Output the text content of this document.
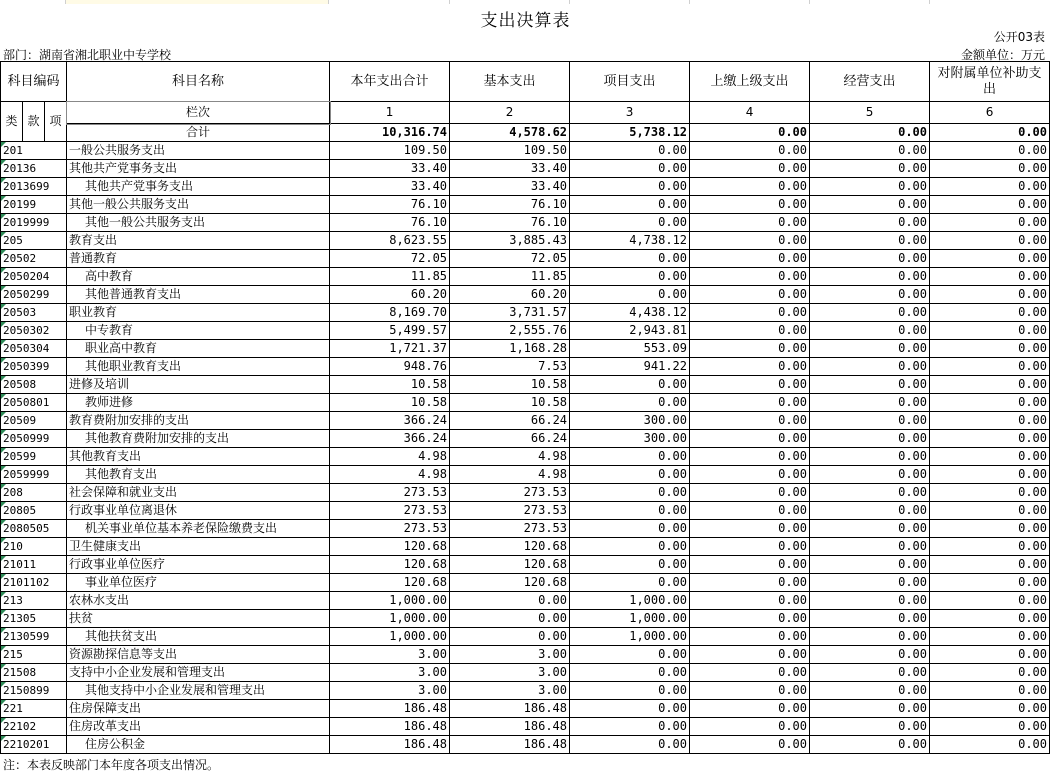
支出决算表
公开03表
部门：湖南省湘北职业中专学校	金额单位：万元
科目编码			科目名称	本年支出合计	基本支出	项目支出	上缴上级支出	经营支出	对附属单位补助支出
类	款	项	栏次	1	2	3	4	5	6
			合计	10,316.74	4,578.62	5,738.12	0.00	0.00	0.00
201			一般公共服务支出	109.50	109.50	0.00	0.00	0.00	0.00
20136			其他共产党事务支出	33.40	33.40	0.00	0.00	0.00	0.00
2013699			其他共产党事务支出	33.40	33.40	0.00	0.00	0.00	0.00
20199			其他一般公共服务支出	76.10	76.10	0.00	0.00	0.00	0.00
2019999			其他一般公共服务支出	76.10	76.10	0.00	0.00	0.00	0.00
205			教育支出	8,623.55	3,885.43	4,738.12	0.00	0.00	0.00
20502			普通教育	72.05	72.05	0.00	0.00	0.00	0.00
2050204			高中教育	11.85	11.85	0.00	0.00	0.00	0.00
2050299			其他普通教育支出	60.20	60.20	0.00	0.00	0.00	0.00
20503			职业教育	8,169.70	3,731.57	4,438.12	0.00	0.00	0.00
2050302			中专教育	5,499.57	2,555.76	2,943.81	0.00	0.00	0.00
2050304			职业高中教育	1,721.37	1,168.28	553.09	0.00	0.00	0.00
2050399			其他职业教育支出	948.76	7.53	941.22	0.00	0.00	0.00
20508			进修及培训	10.58	10.58	0.00	0.00	0.00	0.00
2050801			教师进修	10.58	10.58	0.00	0.00	0.00	0.00
20509			教育费附加安排的支出	366.24	66.24	300.00	0.00	0.00	0.00
2050999			其他教育费附加安排的支出	366.24	66.24	300.00	0.00	0.00	0.00
20599			其他教育支出	4.98	4.98	0.00	0.00	0.00	0.00
2059999			其他教育支出	4.98	4.98	0.00	0.00	0.00	0.00
208			社会保障和就业支出	273.53	273.53	0.00	0.00	0.00	0.00
20805			行政事业单位离退休	273.53	273.53	0.00	0.00	0.00	0.00
2080505			机关事业单位基本养老保险缴费支出	273.53	273.53	0.00	0.00	0.00	0.00
210			卫生健康支出	120.68	120.68	0.00	0.00	0.00	0.00
21011			行政事业单位医疗	120.68	120.68	0.00	0.00	0.00	0.00
2101102			事业单位医疗	120.68	120.68	0.00	0.00	0.00	0.00
213			农林水支出	1,000.00	0.00	1,000.00	0.00	0.00	0.00
21305			扶贫	1,000.00	0.00	1,000.00	0.00	0.00	0.00
2130599			其他扶贫支出	1,000.00	0.00	1,000.00	0.00	0.00	0.00
215			资源勘探信息等支出	3.00	3.00	0.00	0.00	0.00	0.00
21508			支持中小企业发展和管理支出	3.00	3.00	0.00	0.00	0.00	0.00
2150899			其他支持中小企业发展和管理支出	3.00	3.00	0.00	0.00	0.00	0.00
221			住房保障支出	186.48	186.48	0.00	0.00	0.00	0.00
22102			住房改革支出	186.48	186.48	0.00	0.00	0.00	0.00
2210201			住房公积金	186.48	186.48	0.00	0.00	0.00	0.00
注：本表反映部门本年度各项支出情况。
